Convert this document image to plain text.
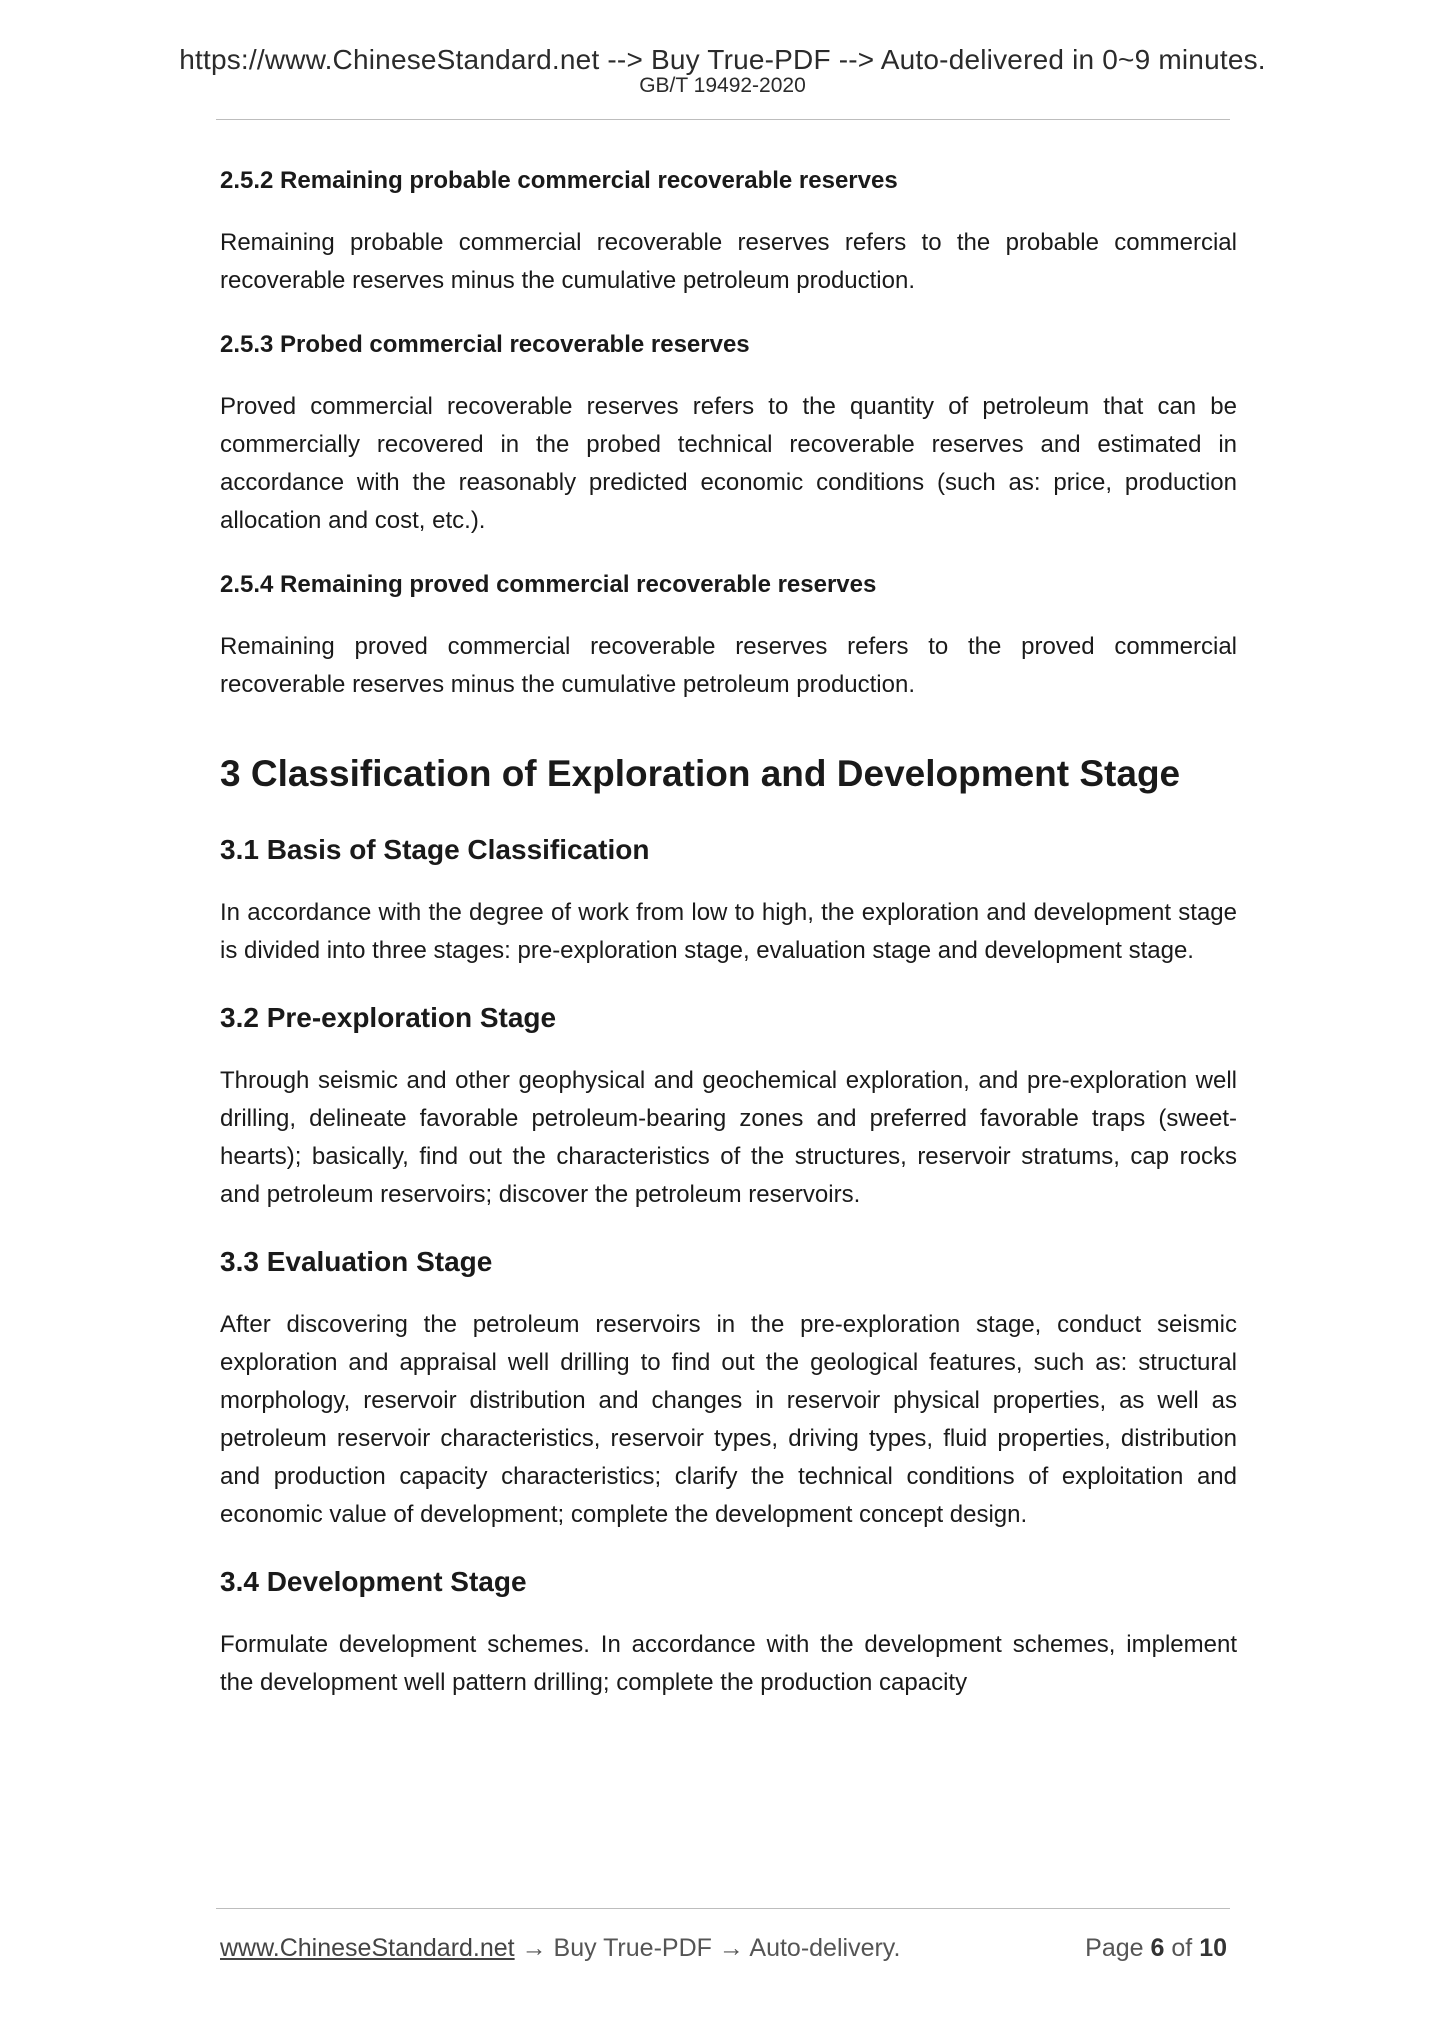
https://www.ChineseStandard.net --> Buy True-PDF --> Auto-delivered in 0~9 minutes.
GB/T 19492-2020
2.5.2 Remaining probable commercial recoverable reserves

Remaining probable commercial recoverable reserves refers to the probable commercial recoverable reserves minus the cumulative petroleum production.

2.5.3 Probed commercial recoverable reserves

Proved commercial recoverable reserves refers to the quantity of petroleum that can be commercially recovered in the probed technical recoverable reserves and estimated in accordance with the reasonably predicted economic conditions (such as: price, production allocation and cost, etc.).

2.5.4 Remaining proved commercial recoverable reserves

Remaining proved commercial recoverable reserves refers to the proved commercial recoverable reserves minus the cumulative petroleum production.

3 Classification of Exploration and Development Stage
3.1 Basis of Stage Classification

In accordance with the degree of work from low to high, the exploration and development stage is divided into three stages: pre-exploration stage, evaluation stage and development stage.

3.2 Pre-exploration Stage

Through seismic and other geophysical and geochemical exploration, and pre-exploration well drilling, delineate favorable petroleum-bearing zones and preferred favorable traps (sweet-hearts); basically, find out the characteristics of the structures, reservoir stratums, cap rocks and petroleum reservoirs; discover the petroleum reservoirs.

3.3 Evaluation Stage

After discovering the petroleum reservoirs in the pre-exploration stage, conduct seismic exploration and appraisal well drilling to find out the geological features, such as: structural morphology, reservoir distribution and changes in reservoir physical properties, as well as petroleum reservoir characteristics, reservoir types, driving types, fluid properties, distribution and production capacity characteristics; clarify the technical conditions of exploitation and economic value of development; complete the development concept design.

3.4 Development Stage

Formulate development schemes. In accordance with the development schemes, implement the development well pattern drilling; complete the production capacity

www.ChineseStandard.net → Buy True-PDF → Auto-delivery.	Page 6 of 10
